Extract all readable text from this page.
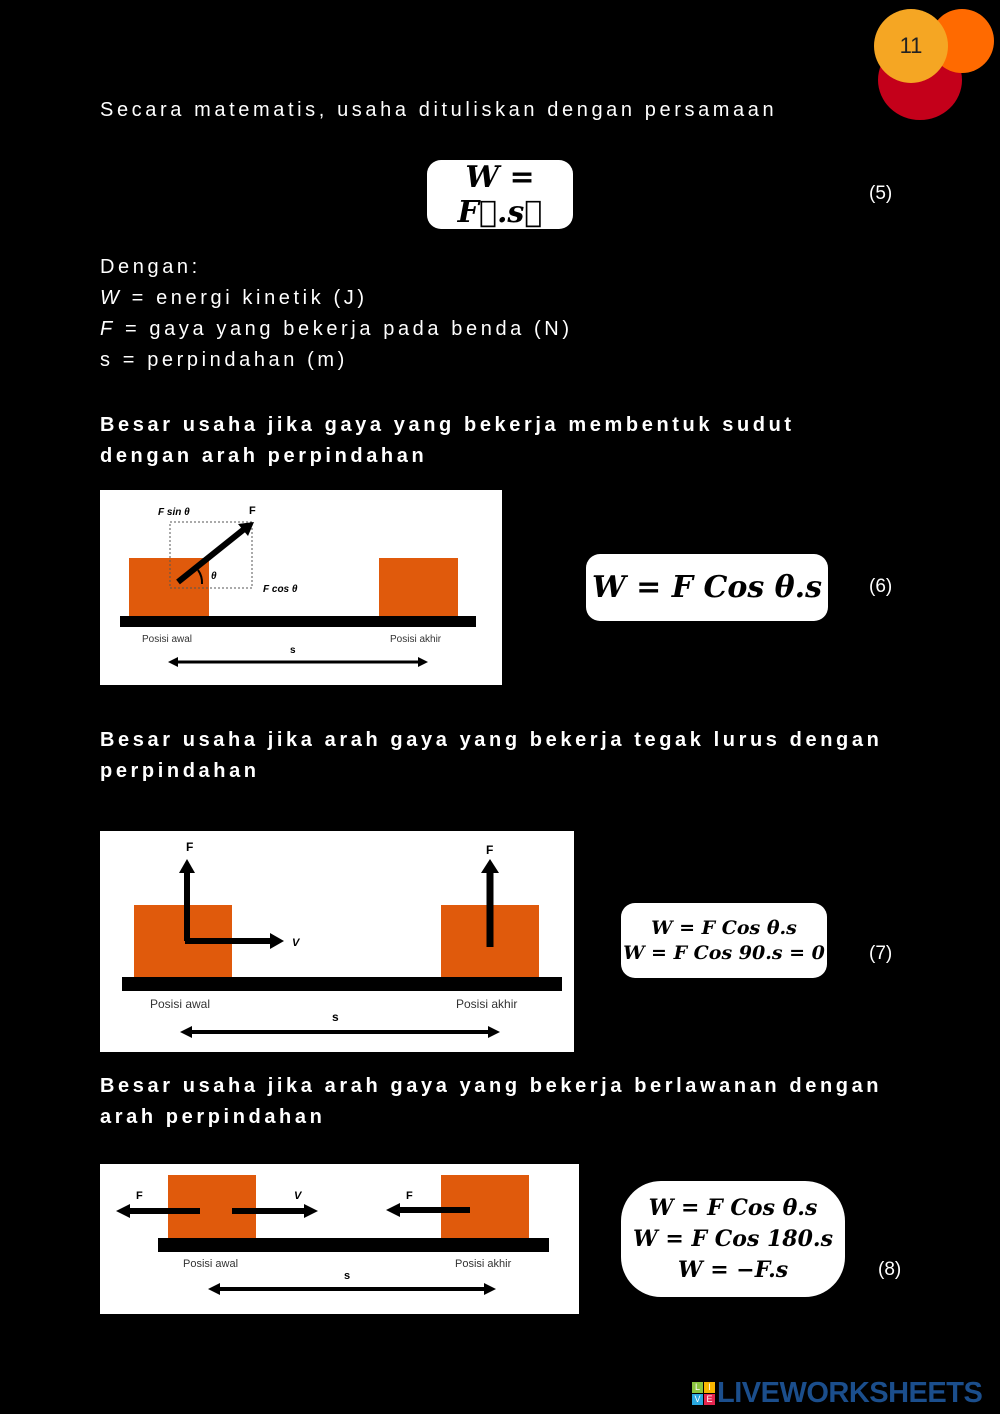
11
Secara matematis, usaha dituliskan dengan persamaan
W = F⃗.s⃗
(5)
Dengan:
W = energi kinetik (J)
F = gaya yang bekerja pada benda (N)
s = perpindahan (m)
Besar usaha jika gaya yang bekerja membentuk sudut dengan arah perpindahan
F sin θ	F
θ
F cos θ
Posisi awal	Posisi akhir
s
W = F Cos θ.s	(6)
Besar usaha jika arah gaya yang bekerja tegak lurus dengan perpindahan
F	F
V
Posisi awal	Posisi akhir
s
W = F Cos θ.s
W = F Cos 90.s = 0 (7)
Besar usaha jika arah gaya yang bekerja berlawanan dengan arah perpindahan
F	V	F
Posisi awal	Posisi akhir
s
W = F Cos θ.s
W = F Cos 180.s
W = −F.s	(8)
L I
V E LIVEWORKSHEETS
